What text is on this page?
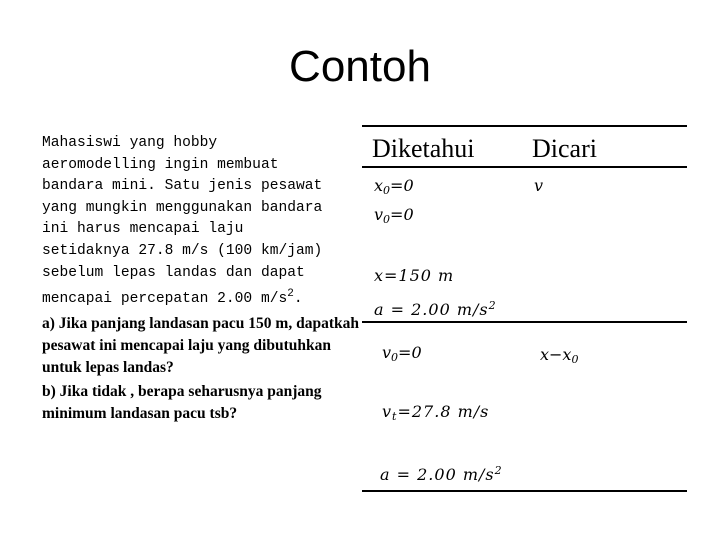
Contoh
Mahasiswi yang hobby
aeromodelling ingin membuat
bandara mini. Satu jenis pesawat
yang mungkin menggunakan bandara
ini harus mencapai laju
setidaknya 27.8 m/s (100 km/jam)
sebelum lepas landas dan dapat
mencapai percepatan 2.00 $m/s^2$.
a) Jika panjang landasan pacu 150 m, dapatkah pesawat ini mencapai laju yang dibutuhkan untuk lepas landas?
b) Jika tidak , berapa seharusnya panjang minimum landasan pacu tsb?
Diketahui Dicari
$x_0=0$
$v_0=0$
x=150 m
a = 2.00 $m/s^2$
v
$v_0=0$
$v_t=27.8$ m/s
a = 2.00 $m/s^2$
$x-x_0$
